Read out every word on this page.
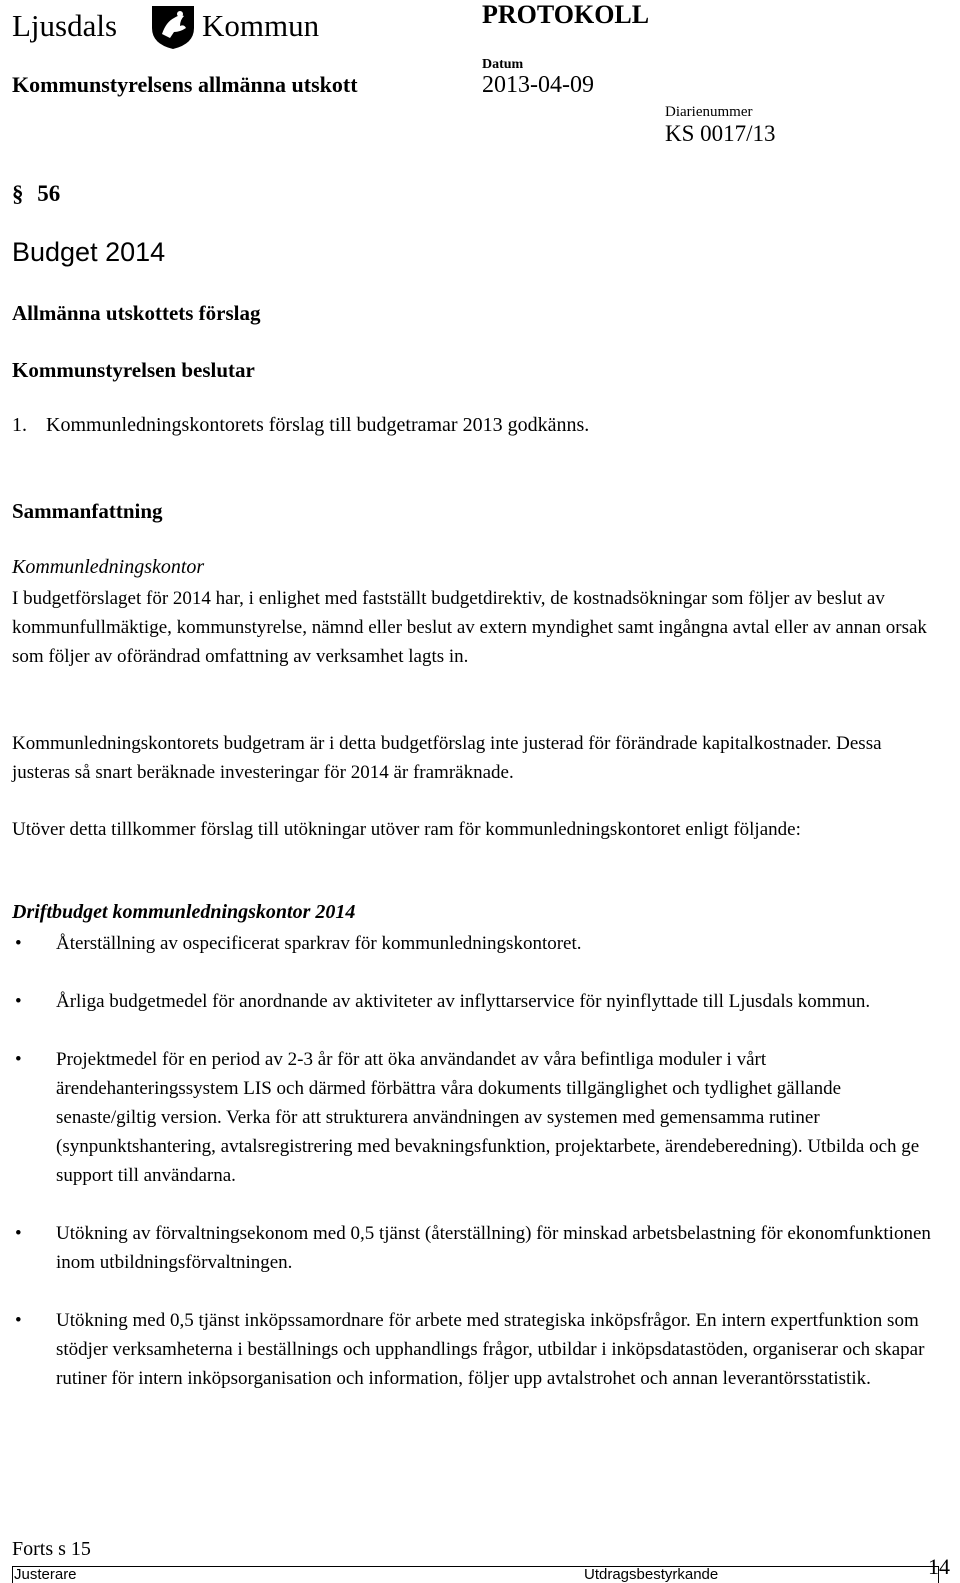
Ljusdals	Kommun	PROTOKOLL
Kommunstyrelsens allmänna utskott
Datum
2013-04-09
Diarienummer
KS 0017/13
§ 56
Budget 2014
Allmänna utskottets förslag
Kommunstyrelsen beslutar
1. Kommunledningskontorets förslag till budgetramar 2013 godkänns.
Sammanfattning
Kommunledningskontor
I budgetförslaget för 2014 har, i enlighet med fastställt budgetdirektiv, de kostnadsökningar som följer av beslut av kommunfullmäktige, kommunstyrelse, nämnd eller beslut av extern myndighet samt ingångna avtal eller av annan orsak som följer av oförändrad omfattning av verksamhet lagts in.
Kommunledningskontorets budgetram är i detta budgetförslag inte justerad för förändrade kapitalkostnader. Dessa justeras så snart beräknade investeringar för 2014 är framräknade.
Utöver detta tillkommer förslag till utökningar utöver ram för kommunledningskontoret enligt följande:
Driftbudget kommunledningskontor 2014
• Återställning av ospecificerat sparkrav för kommunledningskontoret.
• Årliga budgetmedel för anordnande av aktiviteter av inflyttarservice för nyinflyttade till Ljusdals kommun.
• Projektmedel för en period av 2-3 år för att öka användandet av våra befintliga moduler i vårt ärendehanteringssystem LIS och därmed förbättra våra dokuments tillgänglighet och tydlighet gällande senaste/giltig version. Verka för att strukturera användningen av systemen med gemensamma rutiner (synpunktshantering, avtalsregistrering med bevakningsfunktion, projektarbete, ärendeberedning). Utbilda och ge support till användarna.
• Utökning av förvaltningsekonom med 0,5 tjänst (återställning) för minskad arbetsbelastning för ekonomfunktionen inom utbildningsförvaltningen.
• Utökning med 0,5 tjänst inköpssamordnare för arbete med strategiska inköpsfrågor. En intern expertfunktion som stödjer verksamheterna i beställnings och upphandlings frågor, utbildar i inköpsdatastöden, organiserar och skapar rutiner för intern inköpsorganisation och information, följer upp avtalstrohet och annan leverantörsstatistik.
Forts s 15
Justerare	Utdragsbestyrkande	14
